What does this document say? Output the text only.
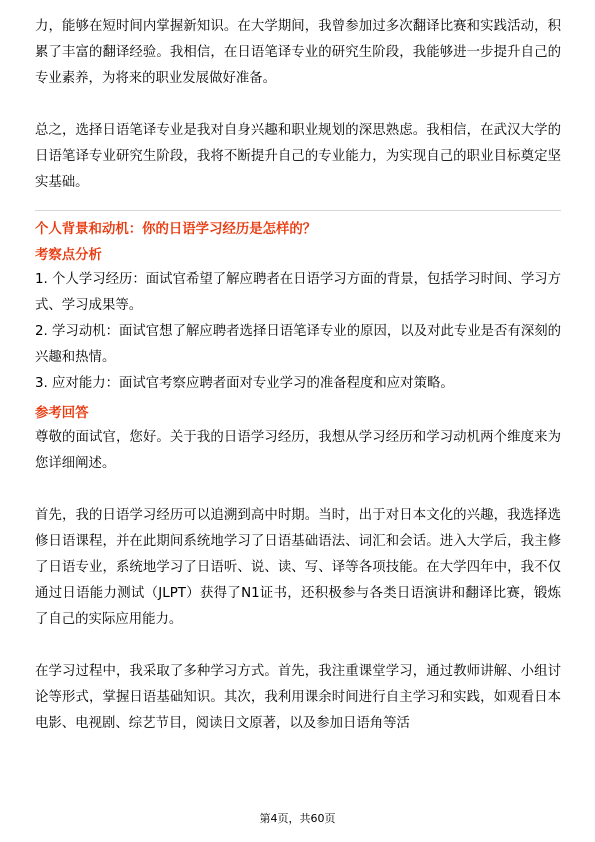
力，能够在短时间内掌握新知识。在大学期间，我曾参加过多次翻译比赛和实践活动，积累了丰富的翻译经验。我相信，在日语笔译专业的研究生阶段，我能够进一步提升自己的专业素养，为将来的职业发展做好准备。

总之，选择日语笔译专业是我对自身兴趣和职业规划的深思熟虑。我相信，在武汉大学的日语笔译专业研究生阶段，我将不断提升自己的专业能力，为实现自己的职业目标奠定坚实基础。

个人背景和动机：你的日语学习经历是怎样的？

考察点分析

1. 个人学习经历：面试官希望了解应聘者在日语学习方面的背景，包括学习时间、学习方式、学习成果等。

2. 学习动机：面试官想了解应聘者选择日语笔译专业的原因，以及对此专业是否有深刻的兴趣和热情。

3. 应对能力：面试官考察应聘者面对专业学习的准备程度和应对策略。

参考回答

尊敬的面试官，您好。关于我的日语学习经历，我想从学习经历和学习动机两个维度来为您详细阐述。

首先，我的日语学习经历可以追溯到高中时期。当时，出于对日本文化的兴趣，我选择选修日语课程，并在此期间系统地学习了日语基础语法、词汇和会话。进入大学后，我主修了日语专业，系统地学习了日语听、说、读、写、译等各项技能。在大学四年中，我不仅通过日语能力测试（JLPT）获得了N1证书，还积极参与各类日语演讲和翻译比赛，锻炼了自己的实际应用能力。

在学习过程中，我采取了多种学习方式。首先，我注重课堂学习，通过教师讲解、小组讨论等形式，掌握日语基础知识。其次，我利用课余时间进行自主学习和实践，如观看日本电影、电视剧、综艺节目，阅读日文原著，以及参加日语角等活

第4页，共60页
